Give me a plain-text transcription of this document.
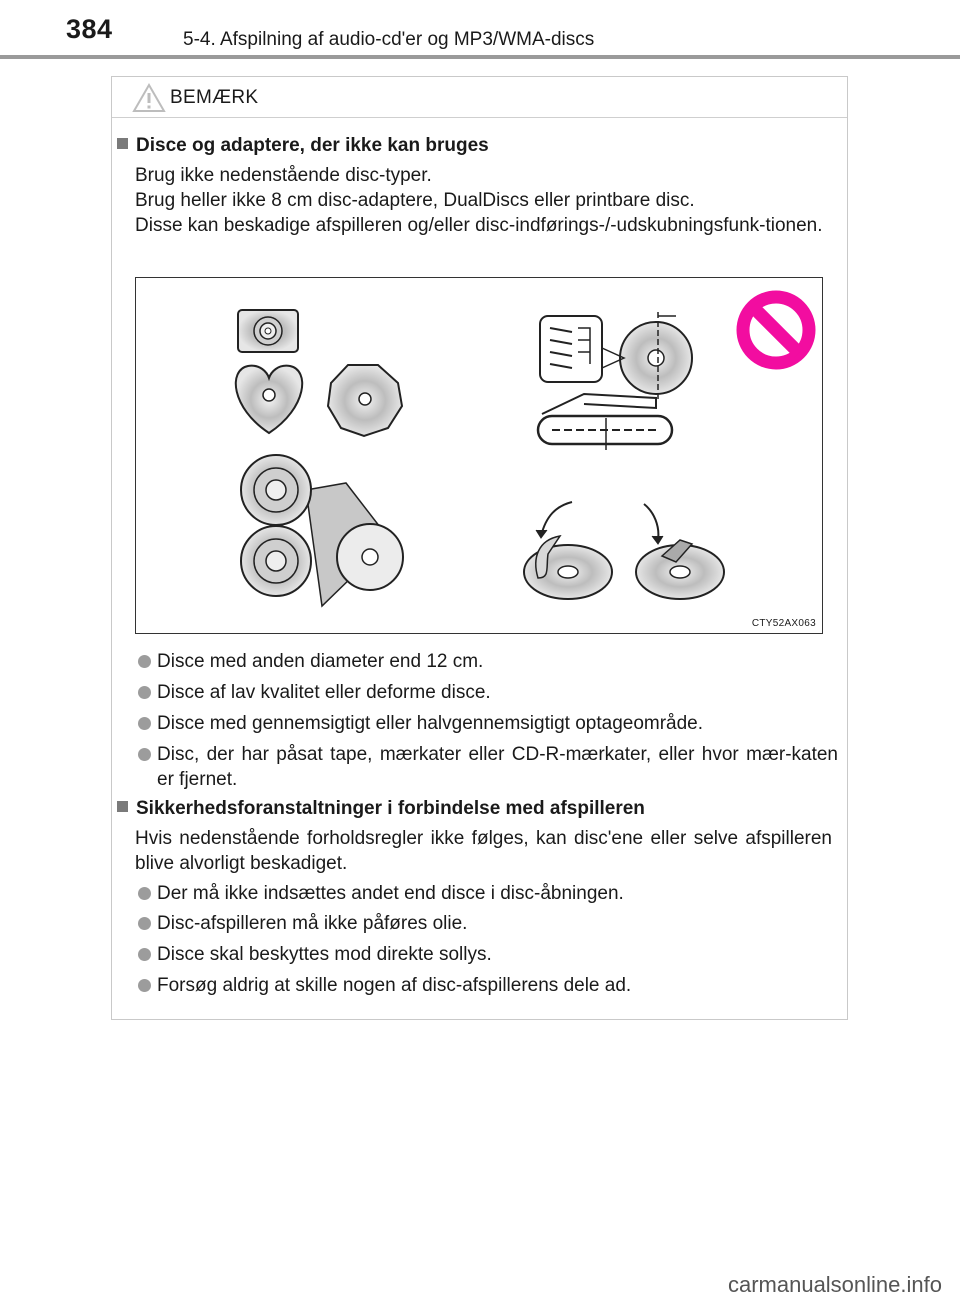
384	5-4. Afspilning af audio-cd'er og MP3/WMA-discs
BEMÆRK
Disce og adaptere, der ikke kan bruges
Brug ikke nedenstående disc-typer.
Brug heller ikke 8 cm disc-adaptere, DualDiscs eller printbare disc.
Disse kan beskadige afspilleren og/eller disc-indførings-/-udskubningsfunk-tionen.
CTY52AX063
Disce med anden diameter end 12 cm.
Disce af lav kvalitet eller deforme disce.
Disce med gennemsigtigt eller halvgennemsigtigt optageområde.
Disc, der har påsat tape, mærkater eller CD-R-mærkater, eller hvor mær-katen er fjernet.
Sikkerhedsforanstaltninger i forbindelse med afspilleren
Hvis nedenstående forholdsregler ikke følges, kan disc'ene eller selve afspilleren blive alvorligt beskadiget.
Der må ikke indsættes andet end disce i disc-åbningen.
Disc-afspilleren må ikke påføres olie.
Disce skal beskyttes mod direkte sollys.
Forsøg aldrig at skille nogen af disc-afspillerens dele ad.
carmanualsonline.info
